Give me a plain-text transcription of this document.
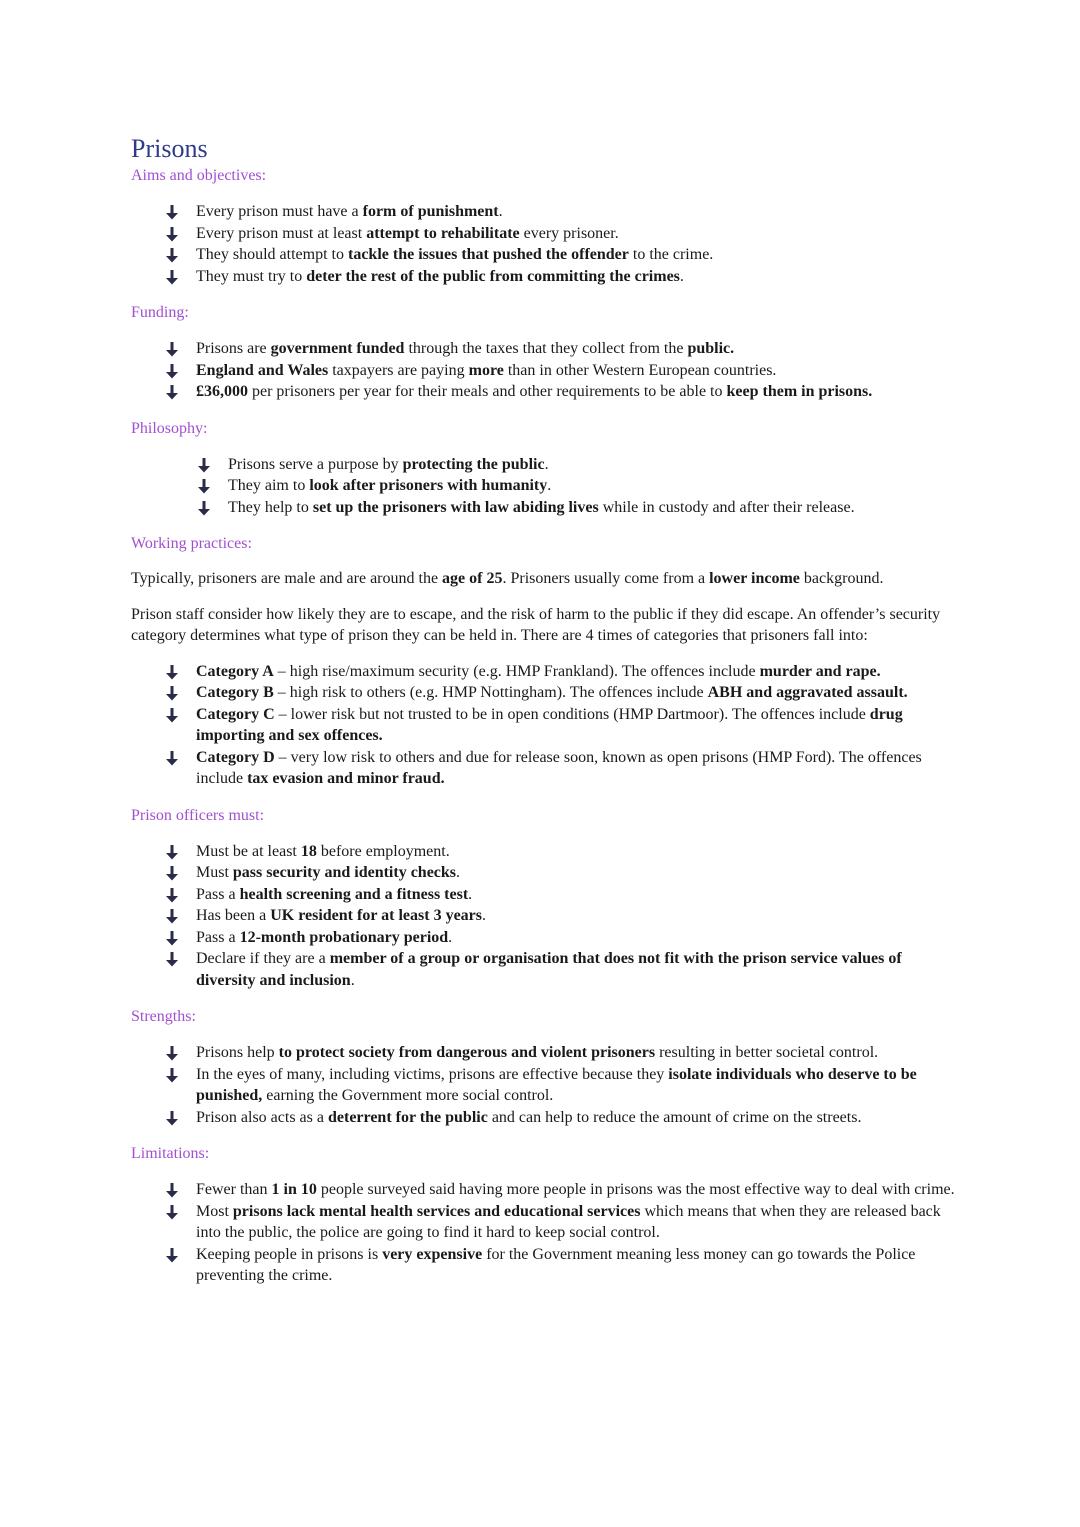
Prisons
Aims and objectives:
Every prison must have a form of punishment.
Every prison must at least attempt to rehabilitate every prisoner.
They should attempt to tackle the issues that pushed the offender to the crime.
They must try to deter the rest of the public from committing the crimes.
Funding:
Prisons are government funded through the taxes that they collect from the public.
England and Wales taxpayers are paying more than in other Western European countries.
£36,000 per prisoners per year for their meals and other requirements to be able to keep them in prisons.
Philosophy:
Prisons serve a purpose by protecting the public.
They aim to look after prisoners with humanity.
They help to set up the prisoners with law abiding lives while in custody and after their release.
Working practices:

Typically, prisoners are male and are around the age of 25. Prisoners usually come from a lower income background.

Prison staff consider how likely they are to escape, and the risk of harm to the public if they did escape. An offender’s security category determines what type of prison they can be held in. There are 4 times of categories that prisoners fall into:

Category A – high rise/maximum security (e.g. HMP Frankland). The offences include murder and rape.
Category B – high risk to others (e.g. HMP Nottingham). The offences include ABH and aggravated assault.
Category C – lower risk but not trusted to be in open conditions (HMP Dartmoor). The offences include drug importing and sex offences.
Category D – very low risk to others and due for release soon, known as open prisons (HMP Ford). The offences include tax evasion and minor fraud.
Prison officers must:
Must be at least 18 before employment.
Must pass security and identity checks.
Pass a health screening and a fitness test.
Has been a UK resident for at least 3 years.
Pass a 12-month probationary period.
Declare if they are a member of a group or organisation that does not fit with the prison service values of diversity and inclusion.
Strengths:
Prisons help to protect society from dangerous and violent prisoners resulting in better societal control.
In the eyes of many, including victims, prisons are effective because they isolate individuals who deserve to be punished, earning the Government more social control.
Prison also acts as a deterrent for the public and can help to reduce the amount of crime on the streets.
Limitations:
Fewer than 1 in 10 people surveyed said having more people in prisons was the most effective way to deal with crime.
Most prisons lack mental health services and educational services which means that when they are released back into the public, the police are going to find it hard to keep social control.
Keeping people in prisons is very expensive for the Government meaning less money can go towards the Police preventing the crime.
